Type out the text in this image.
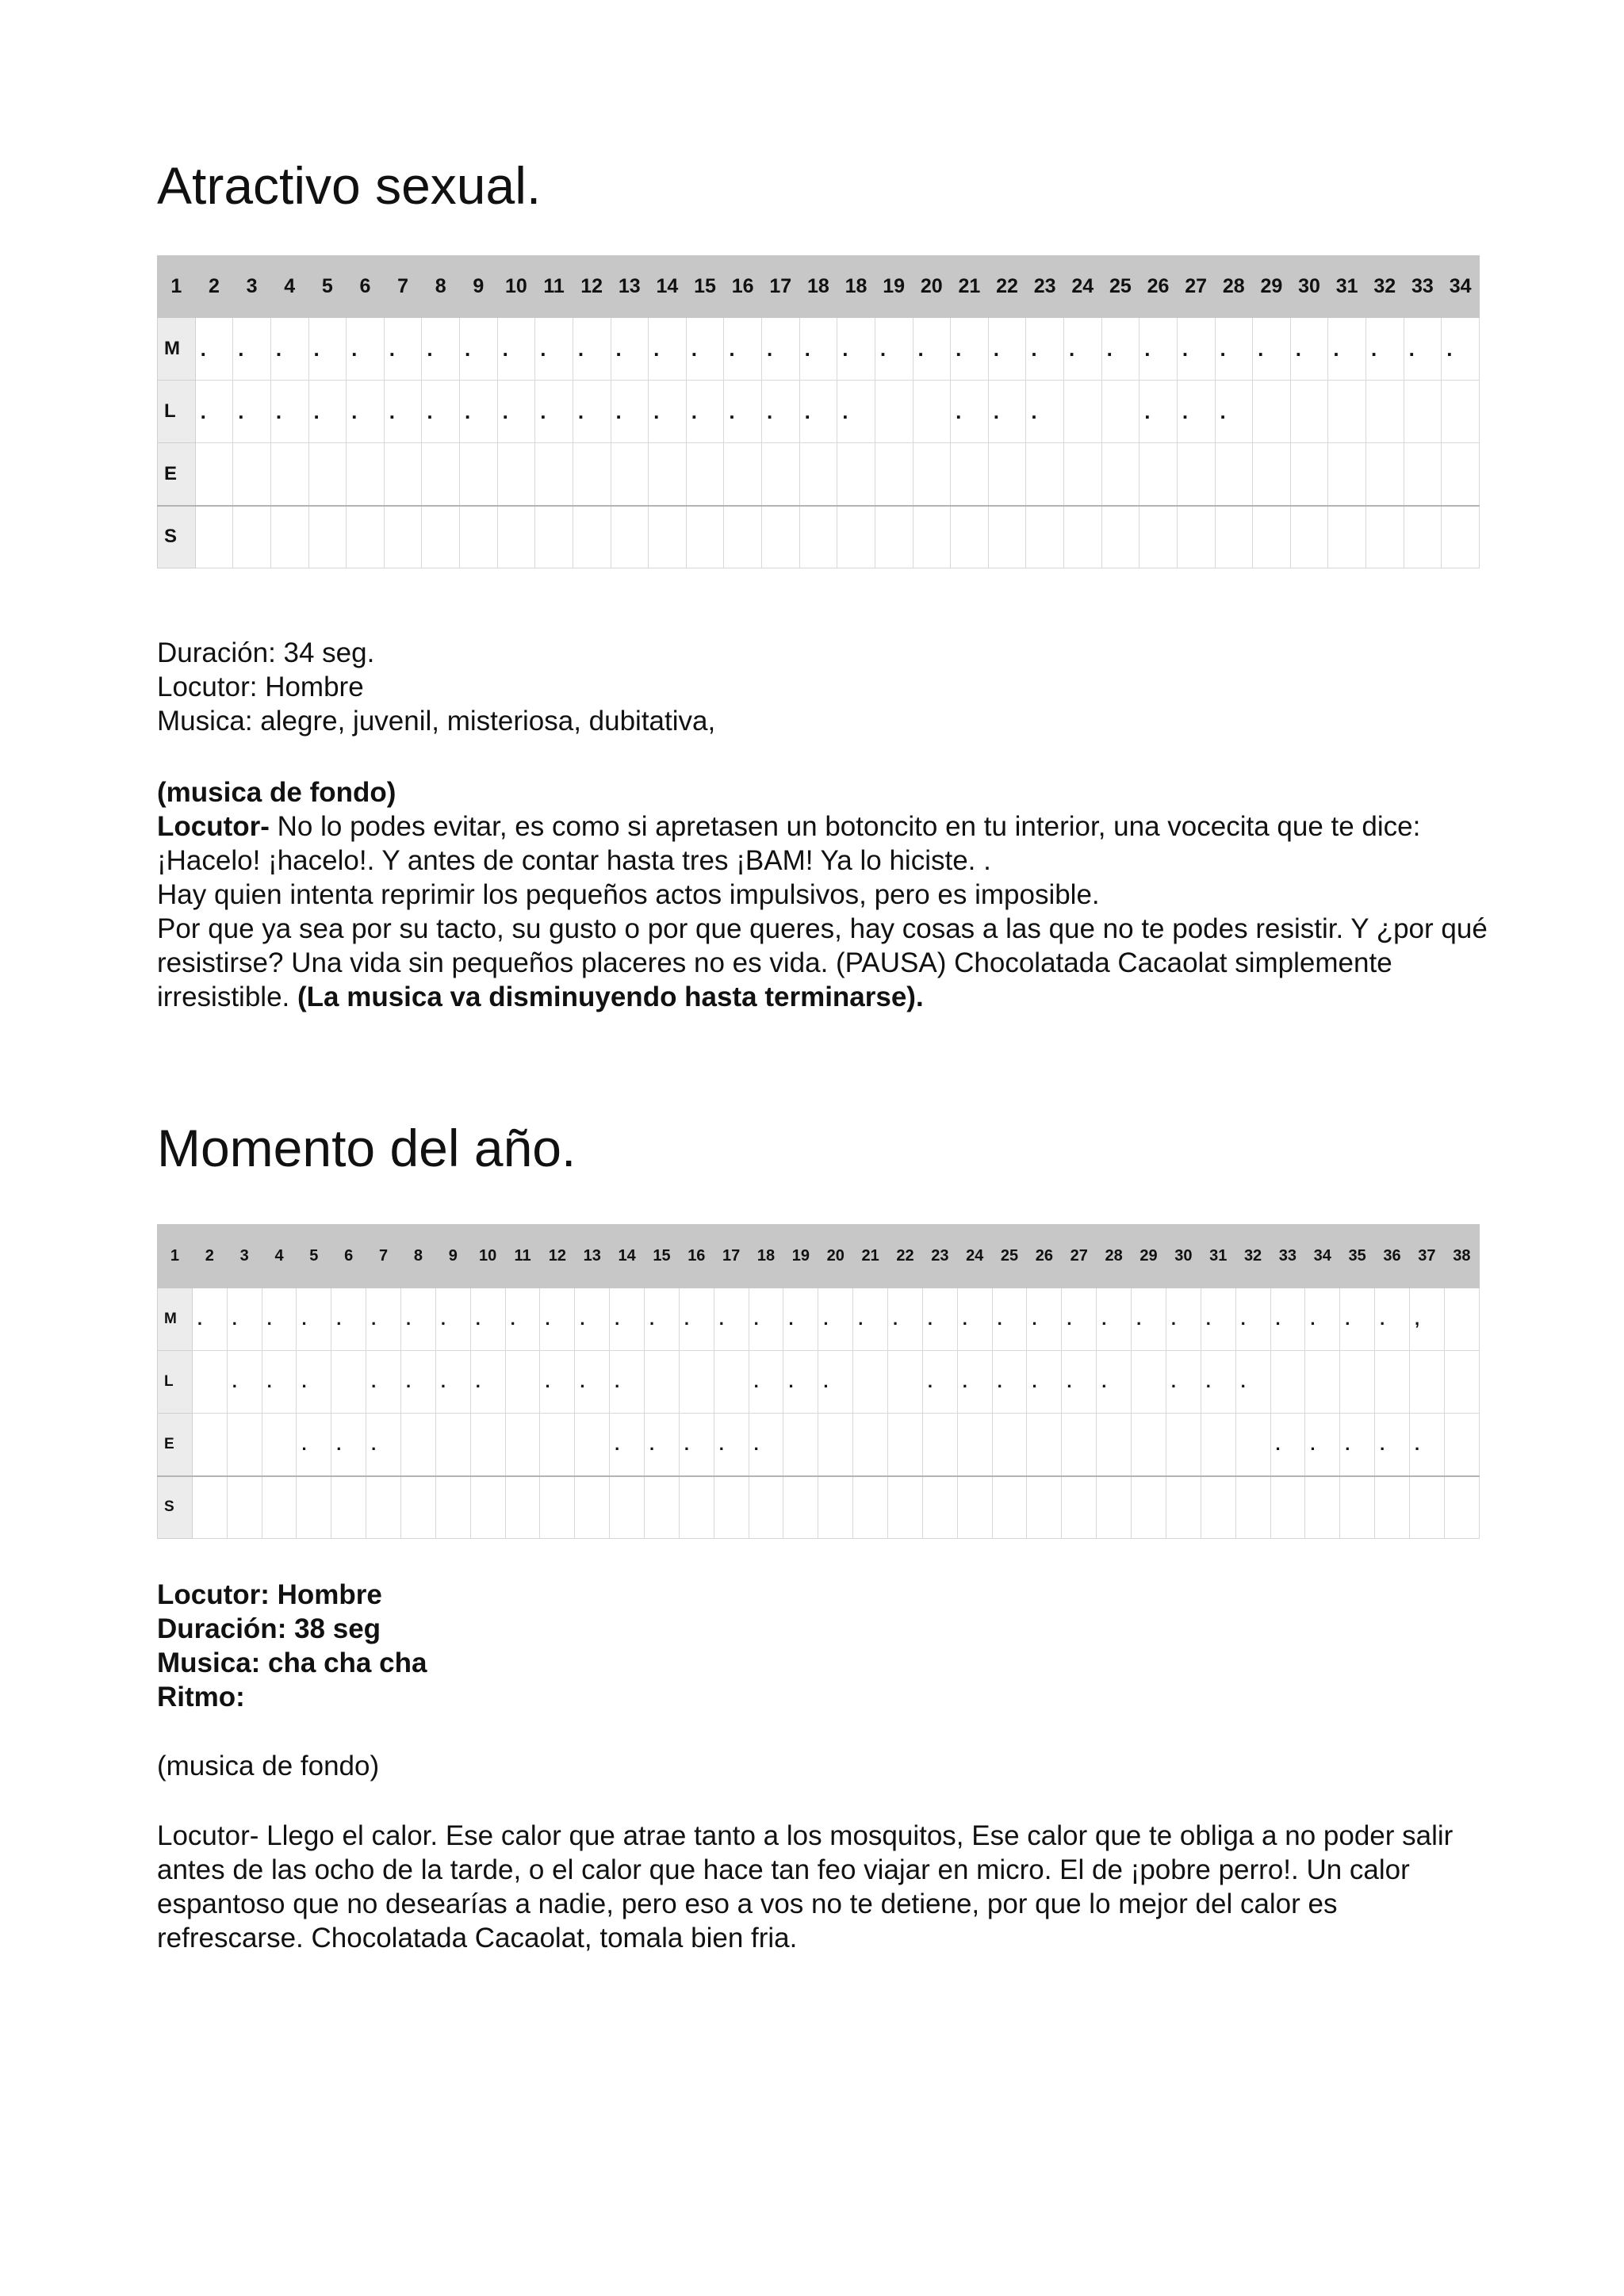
Atractivo sexual.
1	2	3	4	5	6	7	8	9	10	11	12	13	14	15	16	17	18	18	19	20	21	22	23	24	25	26	27	28	29	30	31	32	33	34
M	.	.	.	.	.	.	.	.	.	.	.	.	.	.	.	.	.	.	.	.	.	.	.	.	.	.	.	.	.	.	.	.	.	.
L	.	.	.	.	.	.	.	.	.	.	.	.	.	.	.	.	.	.			.	.	.			.	.	.						
E																																		
S																																		

Duración: 34 seg.

Locutor: Hombre

Musica: alegre, juvenil, misteriosa, dubitativa,

(musica de fondo)

Locutor- No lo podes evitar, es como si apretasen un botoncito en tu interior, una vocecita que te dice: ¡Hacelo! ¡hacelo!. Y antes de contar hasta tres ¡BAM! Ya lo hiciste. .

Hay quien intenta reprimir los pequeños actos impulsivos, pero es imposible.

Por que ya sea por su tacto, su gusto o por que queres, hay cosas a las que no te podes resistir. Y ¿por qué resistirse? Una vida sin pequeños placeres no es vida. (PAUSA) Chocolatada Cacaolat simplemente irresistible. (La musica va disminuyendo hasta terminarse).

Momento del año.
1	2	3	4	5	6	7	8	9	10	11	12	13	14	15	16	17	18	19	20	21	22	23	24	25	26	27	28	29	30	31	32	33	34	35	36	37	38
M	.	.	.	.	.	.	.	.	.	.	.	.	.	.	.	.	.	.	.	.	.	.	.	.	.	.	.	.	.	.	.	.	.	.	.	,	
L		.	.	.		.	.	.	.		.	.	.				.	.	.			.	.	.	.	.	.		.	.	.						
E				.	.	.							.	.	.	.	.															.	.	.	.	.	
S																																					

Locutor: Hombre

Duración: 38 seg

Musica: cha cha cha

Ritmo:

(musica de fondo)

Locutor- Llego el calor. Ese calor que atrae tanto a los mosquitos, Ese calor que te obliga a no poder salir antes de las ocho de la tarde, o el calor que hace tan feo viajar en micro. El de ¡pobre perro!. Un calor espantoso que no desearías a nadie, pero eso a vos no te detiene, por que lo mejor del calor es refrescarse. Chocolatada Cacaolat, tomala bien fria.
